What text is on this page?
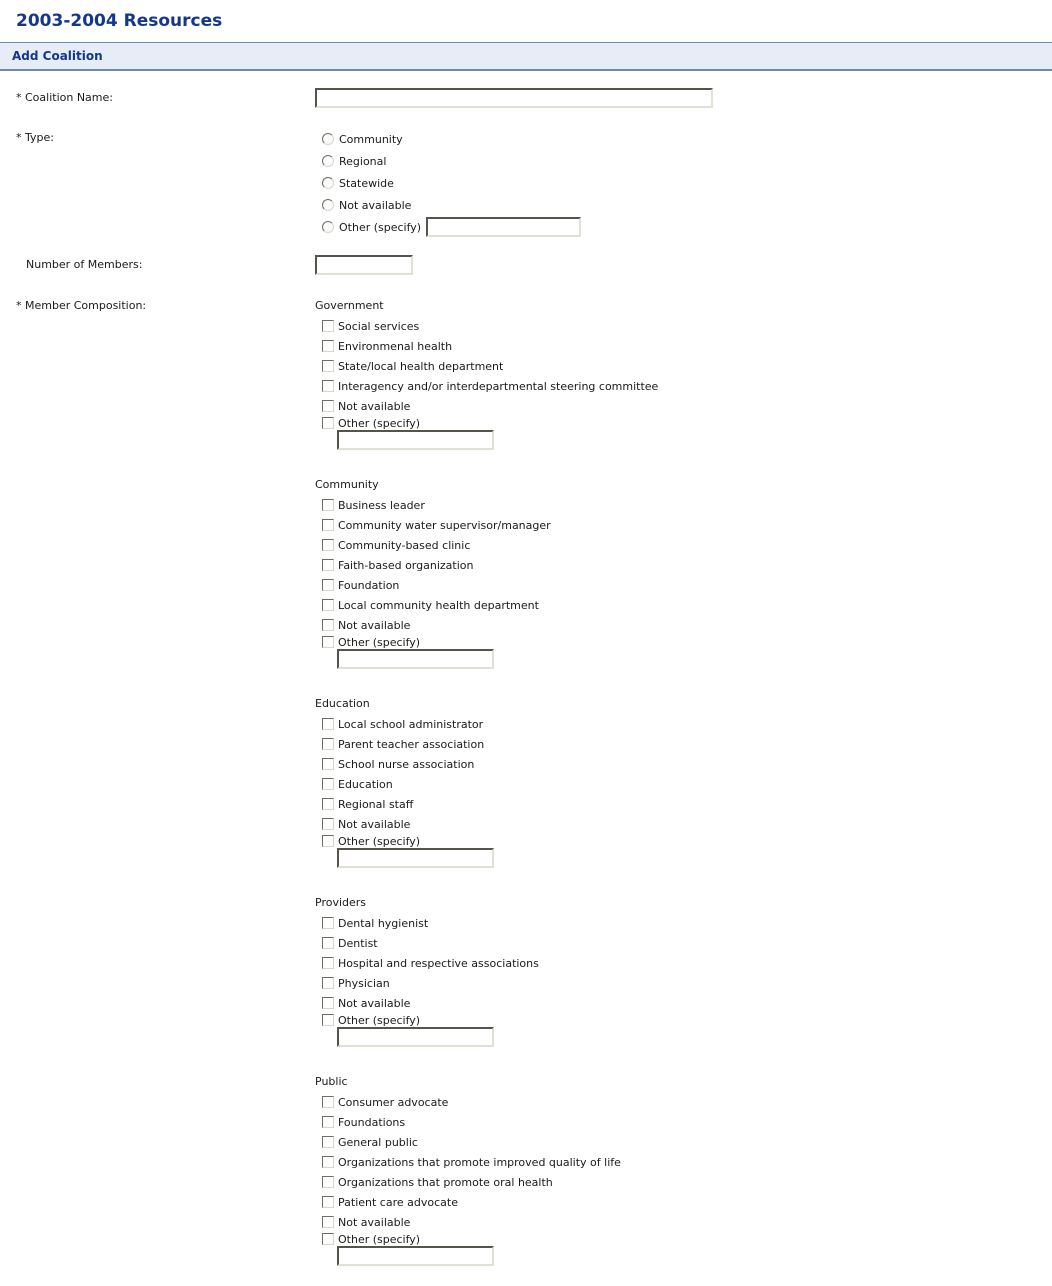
2003-2004 Resources
Add Coalition
* Coalition Name:
* Type:	Community
Regional
Statewide
Not available
Other (specify)
Number of Members:
* Member Composition:	Government
Social services
Environmenal health
State/local health department
Interagency and/or interdepartmental steering committee
Not available
Other (specify)
Community
Business leader
Community water supervisor/manager
Community-based clinic
Faith-based organization
Foundation
Local community health department
Not available
Other (specify)
Education
Local school administrator
Parent teacher association
School nurse association
Education
Regional staff
Not available
Other (specify)
Providers
Dental hygienist
Dentist
Hospital and respective associations
Physician
Not available
Other (specify)
Public
Consumer advocate
Foundations
General public
Organizations that promote improved quality of life
Organizations that promote oral health
Patient care advocate
Not available
Other (specify)
